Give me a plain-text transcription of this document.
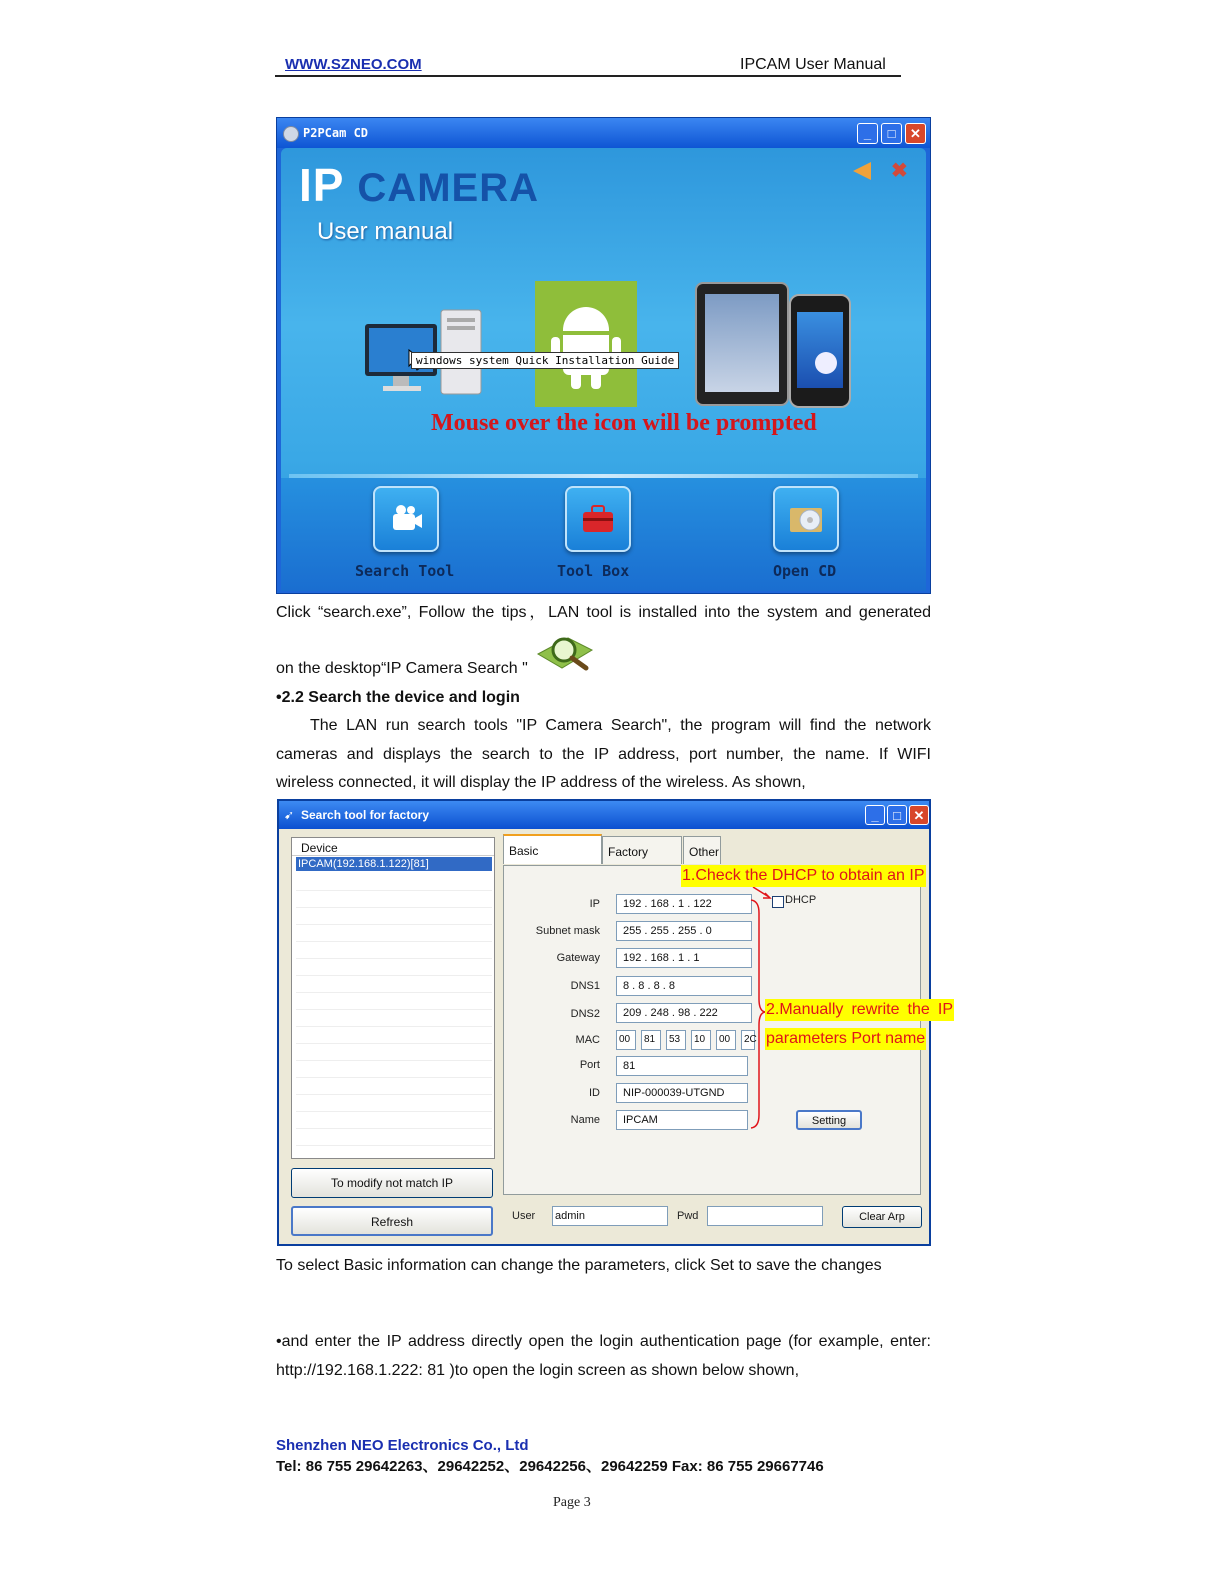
WWW.SZNEO.COM	IPCAM User Manual
P2PCam CD	_	□	✕
IP CAMERA
User manual
✖
windows system Quick Installation Guide
Mouse over the icon will be prompted
Search Tool	Tool Box	Open CD
Click “search.exe”, Follow the tips，LAN tool is installed into the system and generated
on the desktop“IP Camera Search "
•2.2 Search the device and login
The LAN run search tools "IP Camera Search", the program will find the network
cameras and displays the search to the IP address, port number, the name. If WIFI
wireless connected, it will display the IP address of the wireless. As shown,
➹ Search tool for factory	_	□ ✕
Device
IPCAM(192.168.1.122)[81]
To modify not match IP
Refresh
Basic	Factory	Other
IP	192 . 168 . 1 . 122
Subnet mask	255 . 255 . 255 . 0
Gateway	192 . 168 . 1 . 1
DNS1	8 . 8 . 8 . 8
DNS2	209 . 248 . 98 . 222
MAC	00	81	53	10	00	2C
Port	81
ID	NIP-000039-UTGND
Name	IPCAM
DHCP
Setting
User admin	Pwd	Clear Arp
1.Check the DHCP to obtain an IP
2.Manually rewrite the IP
parameters Port name
To select Basic information can change the parameters, click Set to save the changes
•and enter the IP address directly open the login authentication page (for example, enter:
http://192.168.1.222: 81 )to open the login screen as shown below shown,
Shenzhen NEO Electronics Co., Ltd
Tel: 86 755 29642263、29642252、29642256、29642259 Fax: 86 755 29667746
Page 3
